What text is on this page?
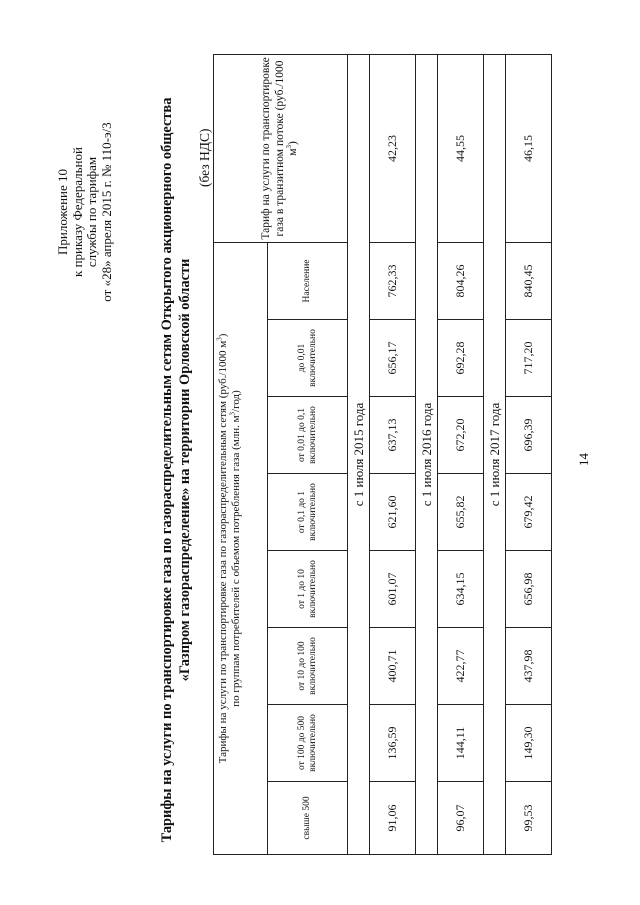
Приложение 10 к приказу Федеральной службы по тарифам от «28» апреля 2015 г. № 110-э/3	Тарифы на услуги по транспортировке газа по газораспределительным сетям Открытого акционерного общества «Газпром газораспределение» на территории Орловской области
(без НДС)
Тарифы на услуги по транспортировке газа по газораспределительным сетям (руб./1000 $м^3$)
по группам потребителей с объемом потребления газа (млн. $м^3/год$)								Тариф на услуги по транспортировке газа в транзитном потоке (руб./1000 $м^3$)
свыше 500	от 100 до 500 включительно	от 10 до 100 включительно	от 1 до 10 включительно	от 0,1 до 1 включительно	от 0,01 до 0,1 включительно	до 0,01 включительно	Население	
с 1 июля 2015 года								
91,06	136,59	400,71	601,07	621,60	637,13	656,17	762,33	42,23
с 1 июля 2016 года								
96,07	144,11	422,77	634,15	655,82	672,20	692,28	804,26	44,55
с 1 июля 2017 года								
99,53	149,30	437,98	656,98	679,42	696,39	717,20	840,45	46,15
14
